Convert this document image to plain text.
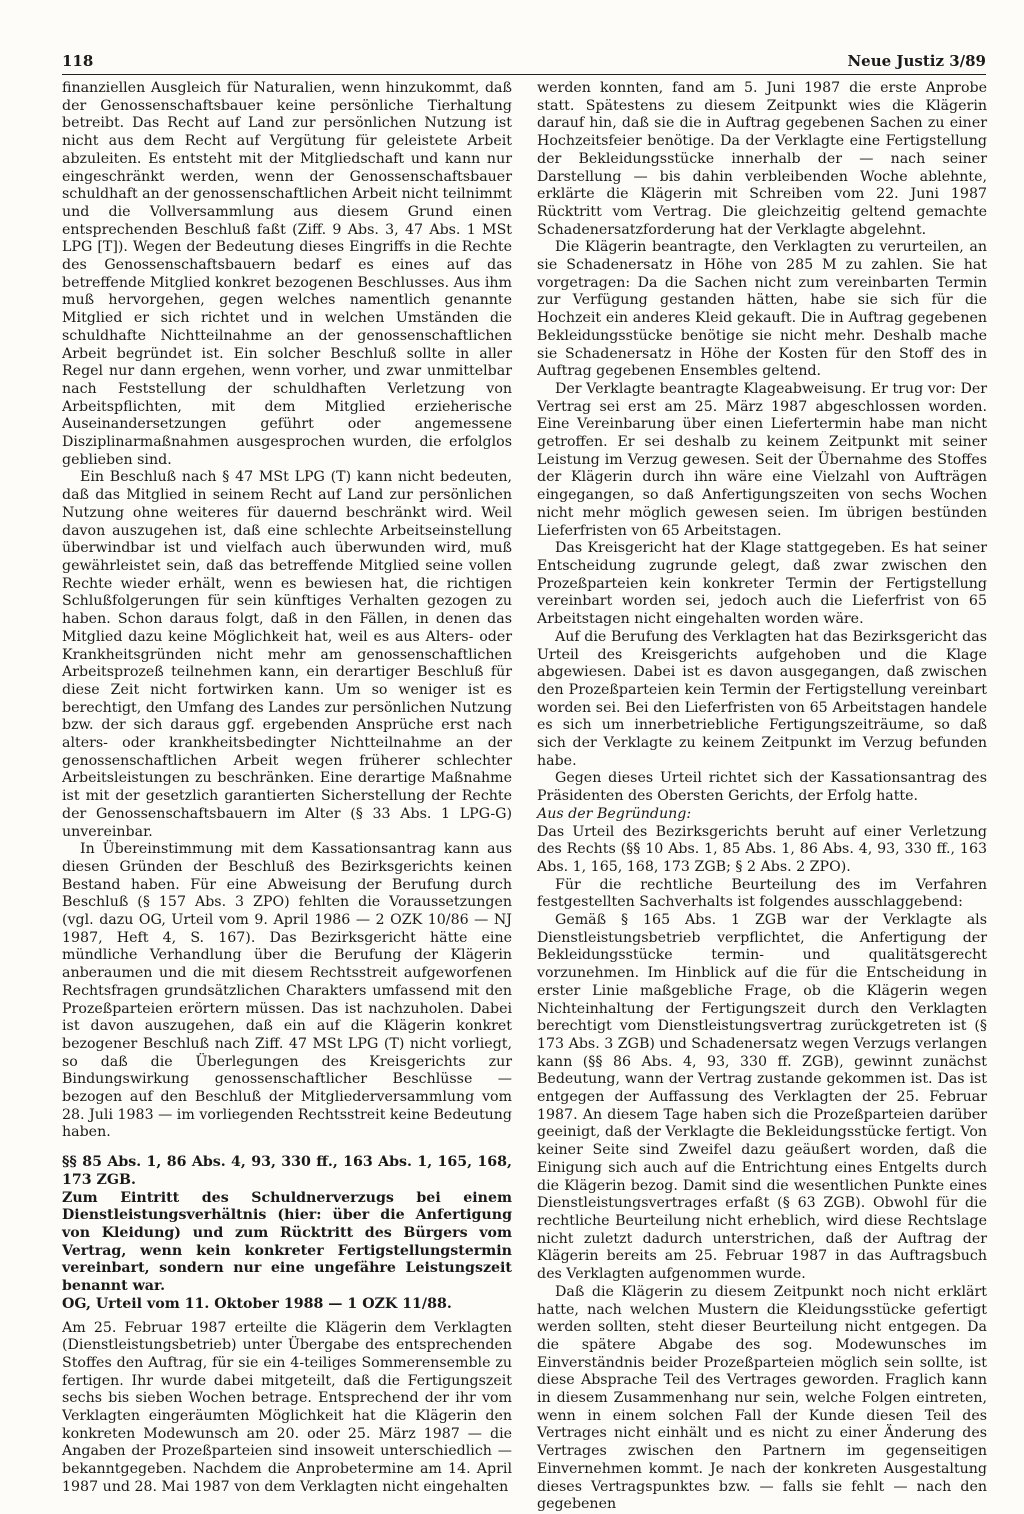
118	Neue Justiz 3/89

finanziellen Ausgleich für Naturalien, wenn hinzukommt, daß der Genossenschaftsbauer keine persönliche Tierhaltung betreibt. Das Recht auf Land zur persönlichen Nutzung ist nicht aus dem Recht auf Vergütung für geleistete Arbeit abzuleiten. Es entsteht mit der Mitgliedschaft und kann nur eingeschränkt werden, wenn der Genossenschaftsbauer schuldhaft an der genossenschaftlichen Arbeit nicht teilnimmt und die Vollversammlung aus diesem Grund einen entsprechenden Beschluß faßt (Ziff. 9 Abs. 3, 47 Abs. 1 MSt LPG [T]). Wegen der Bedeutung dieses Eingriffs in die Rechte des Genossenschaftsbauern bedarf es eines auf das betreffende Mitglied konkret bezogenen Beschlusses. Aus ihm muß hervorgehen, gegen welches namentlich genannte Mitglied er sich richtet und in welchen Umständen die schuldhafte Nichtteilnahme an der genossenschaftlichen Arbeit begründet ist. Ein solcher Beschluß sollte in aller Regel nur dann ergehen, wenn vorher, und zwar unmittelbar nach Feststellung der schuldhaften Verletzung von Arbeitspflichten, mit dem Mitglied erzieherische Auseinandersetzungen geführt oder angemessene Disziplinarmaßnahmen ausgesprochen wurden, die erfolglos geblieben sind.

Ein Beschluß nach § 47 MSt LPG (T) kann nicht bedeuten, daß das Mitglied in seinem Recht auf Land zur persönlichen Nutzung ohne weiteres für dauernd beschränkt wird. Weil davon auszugehen ist, daß eine schlechte Arbeitseinstellung überwindbar ist und vielfach auch überwunden wird, muß gewährleistet sein, daß das betreffende Mitglied seine vollen Rechte wieder erhält, wenn es bewiesen hat, die richtigen Schlußfolgerungen für sein künftiges Verhalten gezogen zu haben. Schon daraus folgt, daß in den Fällen, in denen das Mitglied dazu keine Möglichkeit hat, weil es aus Alters- oder Krankheitsgründen nicht mehr am genossenschaftlichen Arbeitsprozeß teilnehmen kann, ein derartiger Beschluß für diese Zeit nicht fortwirken kann. Um so weniger ist es berechtigt, den Umfang des Landes zur persönlichen Nutzung bzw. der sich daraus ggf. ergebenden Ansprüche erst nach alters- oder krankheitsbedingter Nichtteilnahme an der genossenschaftlichen Arbeit wegen früherer schlechter Arbeitsleistungen zu beschränken. Eine derartige Maßnahme ist mit der gesetzlich garantierten Sicherstellung der Rechte der Genossenschaftsbauern im Alter (§ 33 Abs. 1 LPG-G) unvereinbar.

In Übereinstimmung mit dem Kassationsantrag kann aus diesen Gründen der Beschluß des Bezirksgerichts keinen Bestand haben. Für eine Abweisung der Berufung durch Beschluß (§ 157 Abs. 3 ZPO) fehlten die Voraussetzungen (vgl. dazu OG, Urteil vom 9. April 1986 — 2 OZK 10/86 — NJ 1987, Heft 4, S. 167). Das Bezirksgericht hätte eine mündliche Verhandlung über die Berufung der Klägerin anberaumen und die mit diesem Rechtsstreit aufgeworfenen Rechtsfragen grundsätzlichen Charakters umfassend mit den Prozeßparteien erörtern müssen. Das ist nachzuholen. Dabei ist davon auszugehen, daß ein auf die Klägerin konkret bezogener Beschluß nach Ziff. 47 MSt LPG (T) nicht vorliegt, so daß die Überlegungen des Kreisgerichts zur Bindungswirkung genossenschaftlicher Beschlüsse — bezogen auf den Beschluß der Mitgliederversammlung vom 28. Juli 1983 — im vorliegenden Rechtsstreit keine Bedeutung haben.

§§ 85 Abs. 1, 86 Abs. 4, 93, 330 ff., 163 Abs. 1, 165, 168, 173 ZGB.

Zum Eintritt des Schuldnerverzugs bei einem Dienstleistungsverhältnis (hier: über die Anfertigung von Kleidung) und zum Rücktritt des Bürgers vom Vertrag, wenn kein konkreter Fertigstellungstermin vereinbart, sondern nur eine ungefähre Leistungszeit benannt war.

OG, Urteil vom 11. Oktober 1988 — 1 OZK 11/88.

Am 25. Februar 1987 erteilte die Klägerin dem Verklagten (Dienstleistungsbetrieb) unter Übergabe des entsprechenden Stoffes den Auftrag, für sie ein 4-teiliges Sommerensemble zu fertigen. Ihr wurde dabei mitgeteilt, daß die Fertigungszeit sechs bis sieben Wochen betrage. Entsprechend der ihr vom Verklagten eingeräumten Möglichkeit hat die Klägerin den konkreten Modewunsch am 20. oder 25. März 1987 — die Angaben der Prozeßparteien sind insoweit unterschiedlich — bekanntgegeben. Nachdem die Anprobetermine am 14. April 1987 und 28. Mai 1987 von dem Verklagten nicht eingehalten

werden konnten, fand am 5. Juni 1987 die erste Anprobe statt. Spätestens zu diesem Zeitpunkt wies die Klägerin darauf hin, daß sie die in Auftrag gegebenen Sachen zu einer Hochzeitsfeier benötige. Da der Verklagte eine Fertigstellung der Bekleidungsstücke innerhalb der — nach seiner Darstellung — bis dahin verbleibenden Woche ablehnte, erklärte die Klägerin mit Schreiben vom 22. Juni 1987 Rücktritt vom Vertrag. Die gleichzeitig geltend gemachte Schadenersatzforderung hat der Verklagte abgelehnt.

Die Klägerin beantragte, den Verklagten zu verurteilen, an sie Schadenersatz in Höhe von 285 M zu zahlen. Sie hat vorgetragen: Da die Sachen nicht zum vereinbarten Termin zur Verfügung gestanden hätten, habe sie sich für die Hochzeit ein anderes Kleid gekauft. Die in Auftrag gegebenen Bekleidungsstücke benötige sie nicht mehr. Deshalb mache sie Schadenersatz in Höhe der Kosten für den Stoff des in Auftrag gegebenen Ensembles geltend.

Der Verklagte beantragte Klageabweisung. Er trug vor: Der Vertrag sei erst am 25. März 1987 abgeschlossen worden. Eine Vereinbarung über einen Liefertermin habe man nicht getroffen. Er sei deshalb zu keinem Zeitpunkt mit seiner Leistung im Verzug gewesen. Seit der Übernahme des Stoffes der Klägerin durch ihn wäre eine Vielzahl von Aufträgen eingegangen, so daß Anfertigungszeiten von sechs Wochen nicht mehr möglich gewesen seien. Im übrigen bestünden Lieferfristen von 65 Arbeitstagen.

Das Kreisgericht hat der Klage stattgegeben. Es hat seiner Entscheidung zugrunde gelegt, daß zwar zwischen den Prozeßparteien kein konkreter Termin der Fertigstellung vereinbart worden sei, jedoch auch die Lieferfrist von 65 Arbeitstagen nicht eingehalten worden wäre.

Auf die Berufung des Verklagten hat das Bezirksgericht das Urteil des Kreisgerichts aufgehoben und die Klage abgewiesen. Dabei ist es davon ausgegangen, daß zwischen den Prozeßparteien kein Termin der Fertigstellung vereinbart worden sei. Bei den Lieferfristen von 65 Arbeitstagen handele es sich um innerbetriebliche Fertigungszeiträume, so daß sich der Verklagte zu keinem Zeitpunkt im Verzug befunden habe.

Gegen dieses Urteil richtet sich der Kassationsantrag des Präsidenten des Obersten Gerichts, der Erfolg hatte.

Aus der Begründung:

Das Urteil des Bezirksgerichts beruht auf einer Verletzung des Rechts (§§ 10 Abs. 1, 85 Abs. 1, 86 Abs. 4, 93, 330 ff., 163 Abs. 1, 165, 168, 173 ZGB; § 2 Abs. 2 ZPO).

Für die rechtliche Beurteilung des im Verfahren festgestellten Sachverhalts ist folgendes ausschlaggebend:

Gemäß § 165 Abs. 1 ZGB war der Verklagte als Dienstleistungsbetrieb verpflichtet, die Anfertigung der Bekleidungsstücke termin- und qualitätsgerecht vorzunehmen. Im Hinblick auf die für die Entscheidung in erster Linie maßgebliche Frage, ob die Klägerin wegen Nichteinhaltung der Fertigungszeit durch den Verklagten berechtigt vom Dienstleistungsvertrag zurückgetreten ist (§ 173 Abs. 3 ZGB) und Schadenersatz wegen Verzugs verlangen kann (§§ 86 Abs. 4, 93, 330 ff. ZGB), gewinnt zunächst Bedeutung, wann der Vertrag zustande gekommen ist. Das ist entgegen der Auffassung des Verklagten der 25. Februar 1987. An diesem Tage haben sich die Prozeßparteien darüber geeinigt, daß der Verklagte die Bekleidungsstücke fertigt. Von keiner Seite sind Zweifel dazu geäußert worden, daß die Einigung sich auch auf die Entrichtung eines Entgelts durch die Klägerin bezog. Damit sind die wesentlichen Punkte eines Dienstleistungsvertrages erfaßt (§ 63 ZGB). Obwohl für die rechtliche Beurteilung nicht erheblich, wird diese Rechtslage nicht zuletzt dadurch unterstrichen, daß der Auftrag der Klägerin bereits am 25. Februar 1987 in das Auftragsbuch des Verklagten aufgenommen wurde.

Daß die Klägerin zu diesem Zeitpunkt noch nicht erklärt hatte, nach welchen Mustern die Kleidungsstücke gefertigt werden sollten, steht dieser Beurteilung nicht entgegen. Da die spätere Abgabe des sog. Modewunsches im Einverständnis beider Prozeßparteien möglich sein sollte, ist diese Absprache Teil des Vertrages geworden. Fraglich kann in diesem Zusammenhang nur sein, welche Folgen eintreten, wenn in einem solchen Fall der Kunde diesen Teil des Vertrages nicht einhält und es nicht zu einer Änderung des Vertrages zwischen den Partnern im gegenseitigen Einvernehmen kommt. Je nach der konkreten Ausgestaltung dieses Vertragspunktes bzw. — falls sie fehlt — nach den gegebenen
